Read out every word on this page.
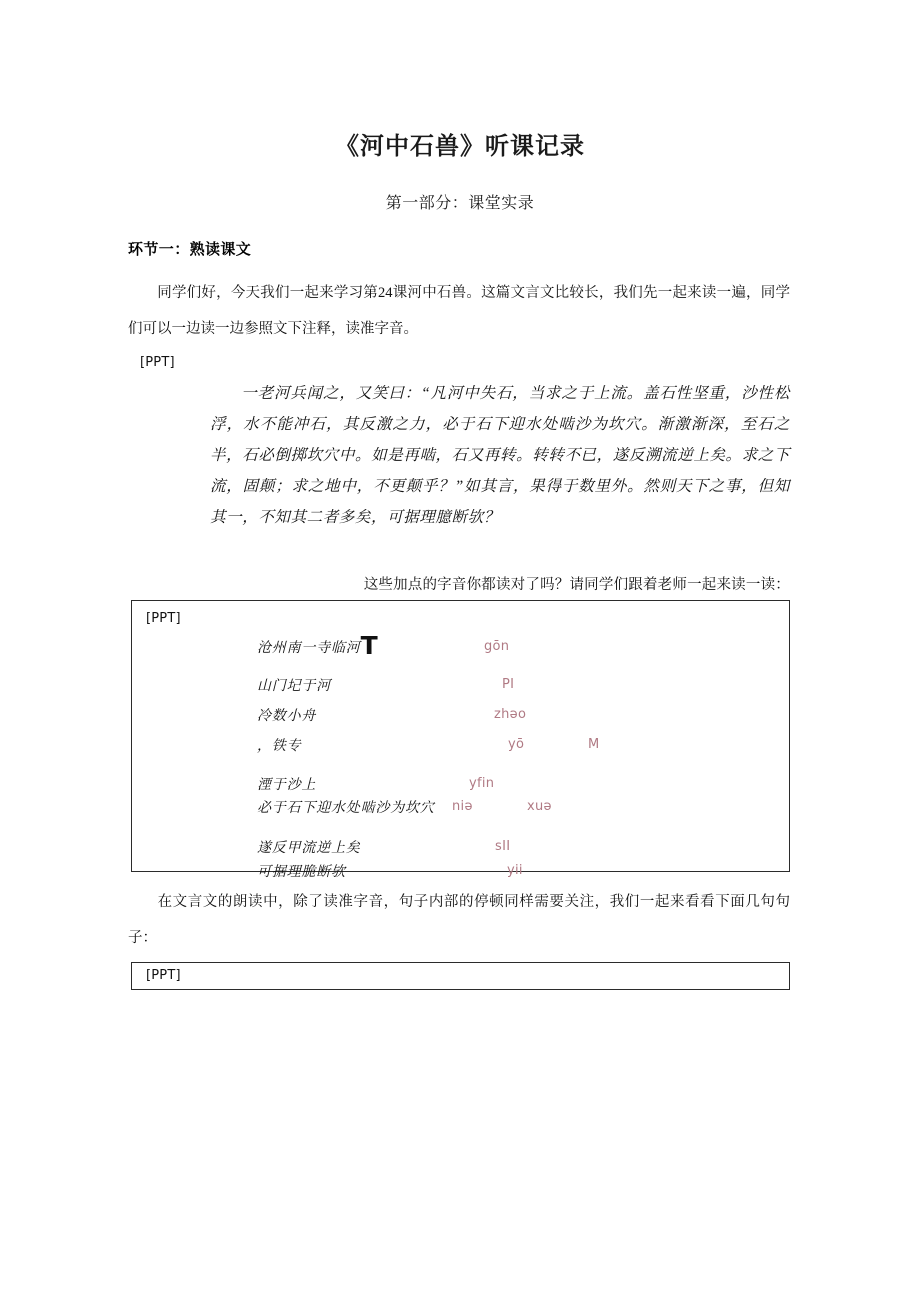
《河中石兽》听课记录
第一部分：课堂实录
环节一：熟读课文
同学们好，今天我们一起来学习第24课河中石兽。这篇文言文比较长，我们先一起来读一遍，同学们可以一边读一边参照文下注释，读准字音。
[PPT]
一老河兵闻之，又笑曰：“凡河中失石，当求之于上流。盖石性坚重，沙性松浮，水不能冲石，其反激之力，必于石下迎水处啮沙为坎穴。渐激渐深，至石之半，石必倒掷坎穴中。如是再啮，石又再转。转转不已，遂反溯流逆上矣。求之下流，固颠；求之地中，不更颠乎？”如其言，果得于数里外。然则天下之事，但知其一，不知其二者多矣，可据理臆断欤？
这些加点的字音你都读对了吗？请同学们跟着老师一起来读一读：
[PPT]
沧州南一寺临河T	gōn
山门圮于河	PI
冷数小舟	zhǝo
，铁专	yō	M
湮于沙上	yfin
必于石下迎水处啮沙为坎穴 niǝ	xuǝ
遂反甲流逆上矣	sII
可据理脆断欤	yii
在文言文的朗读中，除了读准字音，句子内部的停顿同样需要关注，我们一起来看看下面几句句子：
[PPT]
